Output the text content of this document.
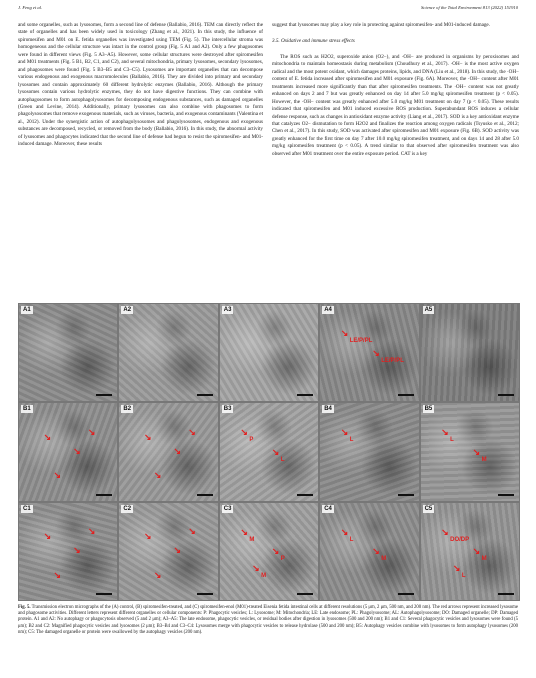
J. Feng et al.	Science of the Total Environment 813 (2022) 151910

and some organelles, such as lysosomes, form a second line of defense (Ballabio, 2016). TEM can directly reflect the state of organelles and has been widely used in toxicology (Zhang et al., 2021). In this study, the influence of spiromesifen and M01 on E. fetida organelles was investigated using TEM (Fig. 5). The intercellular stroma was homogeneous and the cellular structure was intact in the control group (Fig. 5 A1 and A2). Only a few phagosomes were found in different views (Fig. 5 A3–A5). However, some cellular structures were destroyed after spiromesifen and M01 treatments (Fig. 5 B1, B2, C1, and C2), and several mitochondria, primary lysosomes, secondary lysosomes, and phagosomes were found (Fig. 5 B3–B5 and C3–C5). Lysosomes are important organelles that can decompose various endogenous and exogenous macromolecules (Ballabio, 2016). They are divided into primary and secondary lysosomes and contain approximately 60 different hydrolytic enzymes (Ballabio, 2016). Although the primary lysosomes contain various hydrolytic enzymes, they do not have digestive functions. They can combine with autophagosomes to form autophagolysosomes for decomposing endogenous substances, such as damaged organelles (Green and Levine, 2014). Additionally, primary lysosomes can also combine with phagosomes to form phagolysosomes that remove exogenous materials, such as viruses, bacteria, and exogenous contaminants (Valentina et al., 2012). Under the synergistic action of autophagolysosomes and phagolysosomes, endogenous and exogenous substances are decomposed, recycled, or removed from the body (Ballabio, 2016). In this study, the abnormal activity of lysosomes and phagocytes indicated that the second line of defense had begun to resist the spiromesifen- and M01-induced damage. Moreover, these results

suggest that lysosomes may play a key role in protecting against spiromesifen- and M01-induced damage.

3.5. Oxidative and immune stress effects

The ROS such as H2O2, superoxide anion (O2−), and ·OH− are produced in organisms by peroxisomes and mitochondria to maintain homeostasis during metabolism (Choudhury et al., 2017). ·OH− is the most active oxygen radical and the most potent oxidant, which damages proteins, lipids, and DNA (Liu et al., 2018). In this study, the ·OH− content of E. fetida increased after spiromesifen and M01 exposure (Fig. 6A). Moreover, the ·OH− content after M01 treatments increased more significantly than that after spiromesifen treatments. The ·OH− content was not greatly enhanced on days 2 and 7 but was greatly enhanced on day 14 after 5.0 mg/kg spiromesifen treatment (p < 0.05). However, the ·OH− content was greatly enhanced after 5.0 mg/kg M01 treatment on day 7 (p < 0.05). These results indicated that spiromesifen and M01 induced excessive ROS production. Superabundant ROS induces a cellular defense response, such as changes in antioxidant enzyme activity (Liang et al., 2017). SOD is a key antioxidant enzyme that catalyzes O2− dismutation to form H2O2 and finalizes the reaction among oxygen radicals (Tsyusko et al., 2012; Chen et al., 2017). In this study, SOD was activated after spiromesifen and M01 exposure (Fig. 6B). SOD activity was greatly enhanced for the first time on day 7 after 10.0 mg/kg spiromesifen treatment, and on days 14 and 28 after 5.0 mg/kg spiromesifen treatment (p < 0.05). A trend similar to that observed after spiromesifen treatment was also observed after M01 treatment over the entire exposure period. CAT is a key

A1	A2	A3	A4
LE/P/PL
↘
LE/P/PL
↘
A5
B1
↘
↘
↘
↘
B2
↘
↘
↘
↘
B3
P
↘
L
↘
B4
L
↘
B5
L
↘
M
↘
C1
↘
↘
↘
↘
C2
↘
↘
↘
↘
C3
M
↘
P
↘
M
↘
C4
L
↘
M
↘
C5
DO/DP
↘
M
↘
L
↘
Fig. 5. Transmission electron micrographs of the (A) control, (B) spiromesifen-treated, and (C) spiromesifen-enol (M01)-treated Eisenia fetida intestinal cells at different resolutions (5 μm, 2 μm, 500 nm, and 200 nm). The red arrows represent increased lysosome and phagosome activities. Different letters represent different organelles or cellular components: P: Phagocytic vesicles; L: Lysosome; M: Mitochondria; LE: Late endosome; PL: Phagolysosome; AL: Autophagolysosome; DO: Damaged organelle; DP: Damaged protein. A1 and A2: No autophagy or phagocytosis observed (5 and 2 μm); A3–A5: The late endosome, phagocytic vesicles, or residual bodies after digestion in lysosomes (500 and 200 nm); B1 and C1: Several phagocytic vesicles and lysosomes were found (5 μm); B2 and C2: Magnified phagocytic vesicles and lysosomes (2 μm); B3–B4 and C3–C4: Lysosomes merge with phagocytic vesicles to release hydrolase (500 and 200 nm); B5: Autophagy vesicles combine with lysosomes to form autophagy lysosomes (200 nm); C5: The damaged organelle or protein were swallowed by the autophagy vesicles (200 nm).
